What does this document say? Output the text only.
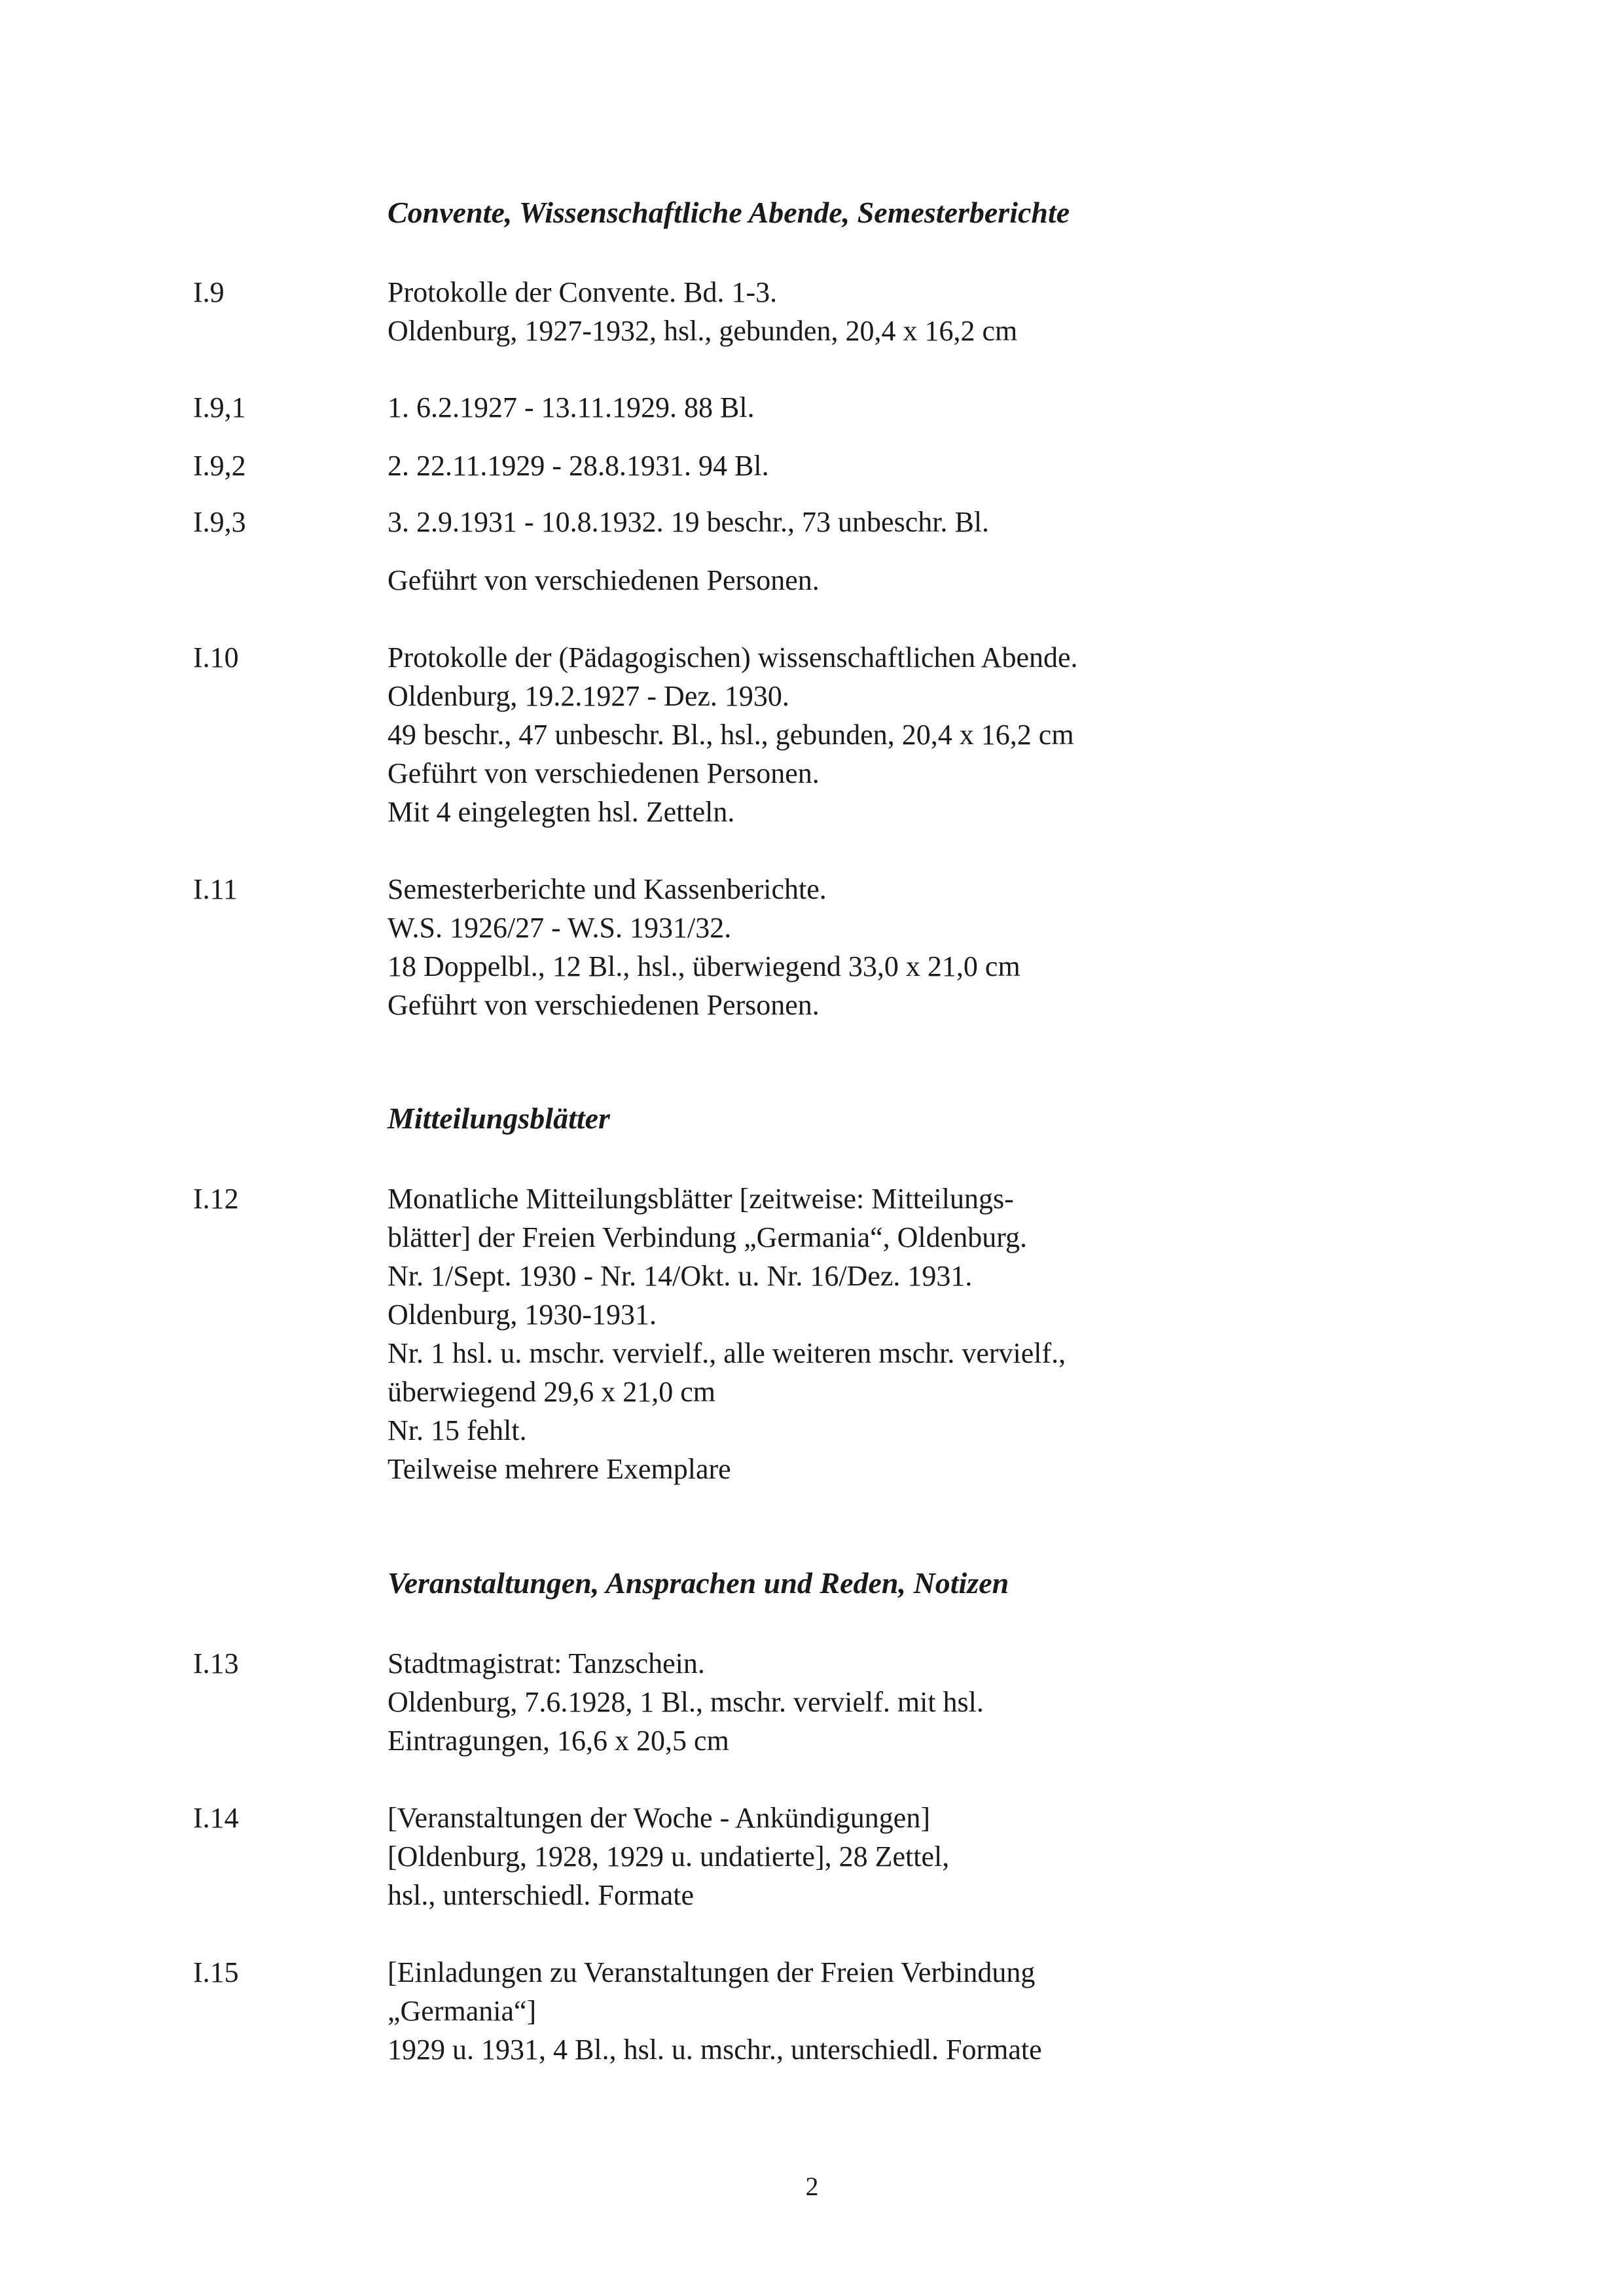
Convente, Wissenschaftliche Abende, Semesterberichte
I.9	Protokolle der Convente. Bd. 1-3.
Oldenburg, 1927-1932, hsl., gebunden, 20,4 x 16,2 cm
I.9,1	1. 6.2.1927 - 13.11.1929. 88 Bl.
I.9,2	2. 22.11.1929 - 28.8.1931. 94 Bl.
I.9,3	3. 2.9.1931 - 10.8.1932. 19 beschr., 73 unbeschr. Bl.
Geführt von verschiedenen Personen.
I.10	Protokolle der (Pädagogischen) wissenschaftlichen Abende.
Oldenburg, 19.2.1927 - Dez. 1930.
49 beschr., 47 unbeschr. Bl., hsl., gebunden, 20,4 x 16,2 cm
Geführt von verschiedenen Personen.
Mit 4 eingelegten hsl. Zetteln.
I.11	Semesterberichte und Kassenberichte.
W.S. 1926/27 - W.S. 1931/32.
18 Doppelbl., 12 Bl., hsl., überwiegend 33,0 x 21,0 cm
Geführt von verschiedenen Personen.
Mitteilungsblätter
I.12	Monatliche Mitteilungsblätter [zeitweise: Mitteilungs-
blätter] der Freien Verbindung „Germania“, Oldenburg.
Nr. 1/Sept. 1930 - Nr. 14/Okt. u. Nr. 16/Dez. 1931.
Oldenburg, 1930-1931.
Nr. 1 hsl. u. mschr. vervielf., alle weiteren mschr. vervielf.,
überwiegend 29,6 x 21,0 cm
Nr. 15 fehlt.
Teilweise mehrere Exemplare
Veranstaltungen, Ansprachen und Reden, Notizen
I.13	Stadtmagistrat: Tanzschein.
Oldenburg, 7.6.1928, 1 Bl., mschr. vervielf. mit hsl.
Eintragungen, 16,6 x 20,5 cm
I.14	[Veranstaltungen der Woche - Ankündigungen]
[Oldenburg, 1928, 1929 u. undatierte], 28 Zettel,
hsl., unterschiedl. Formate
I.15	[Einladungen zu Veranstaltungen der Freien Verbindung
„Germania“]
1929 u. 1931, 4 Bl., hsl. u. mschr., unterschiedl. Formate
2
